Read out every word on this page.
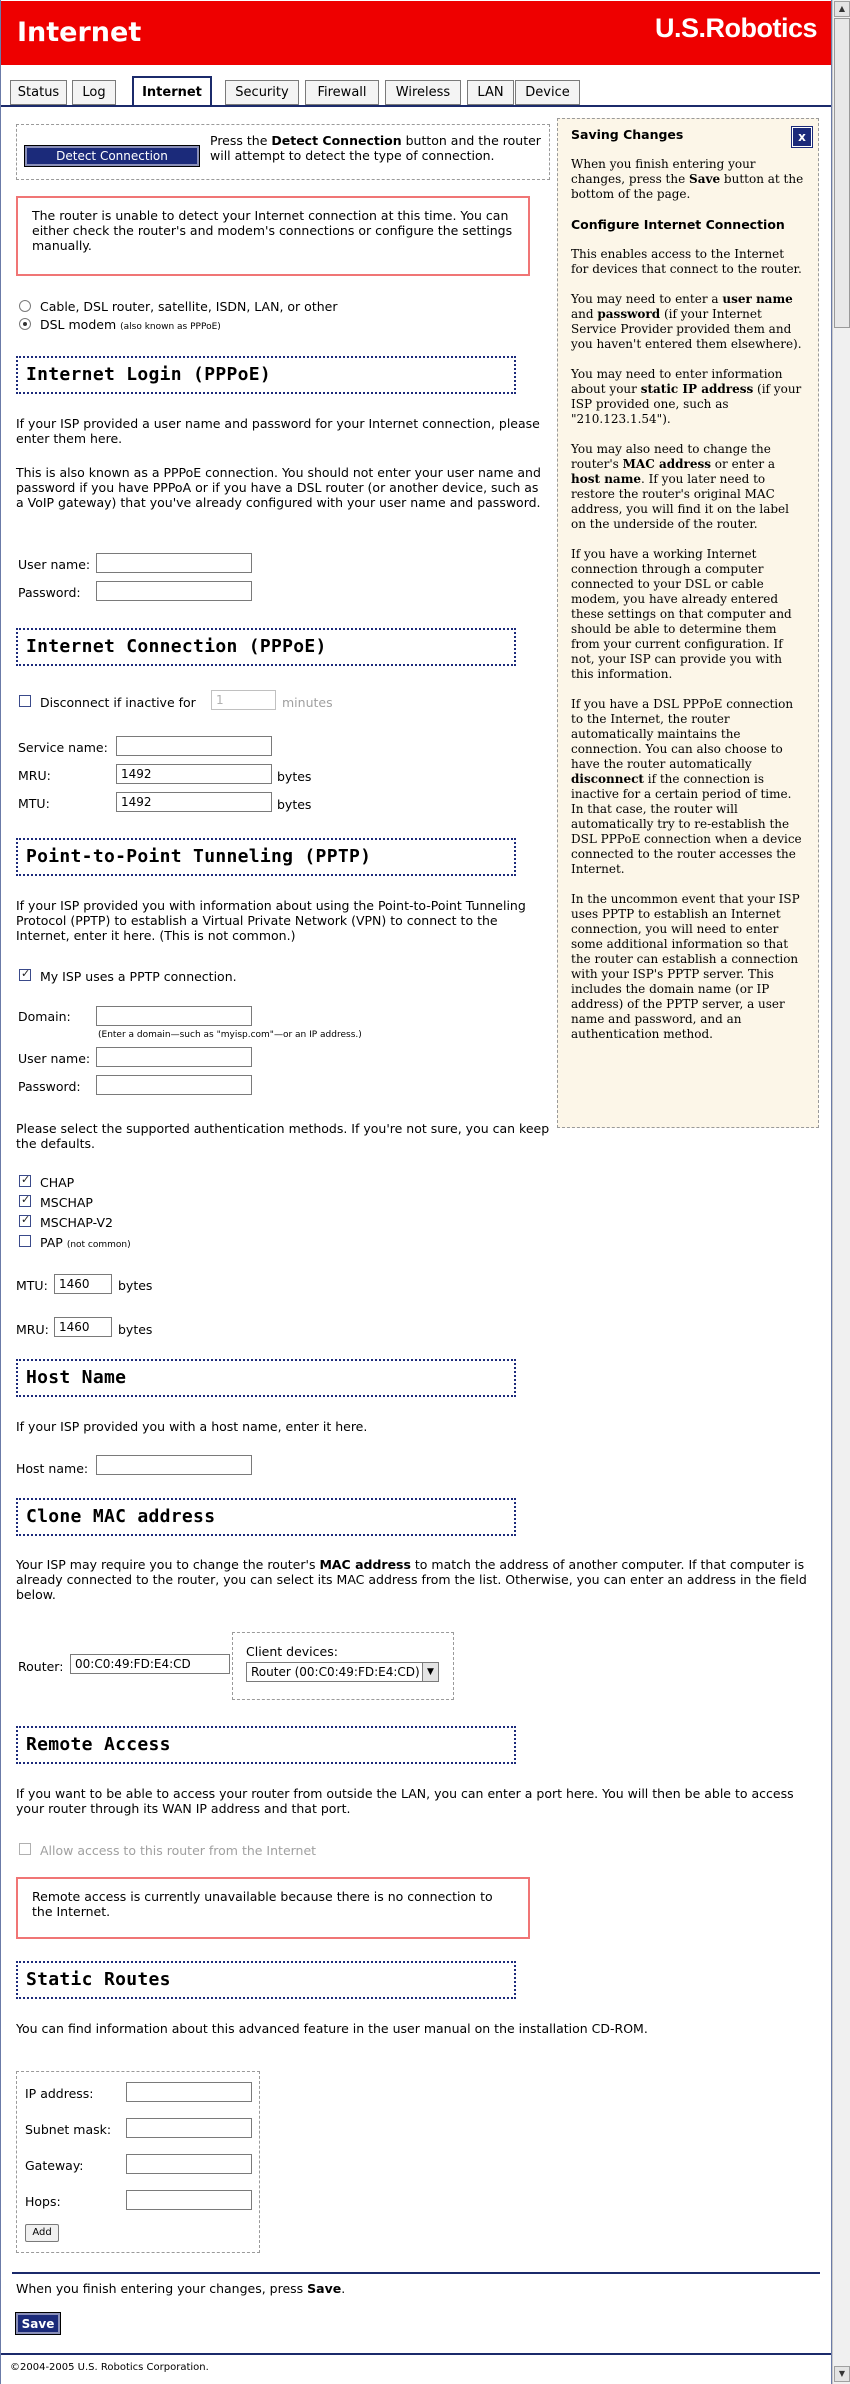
▲
▼
Internet	U.S.Robotics
Status	Log	Internet	Security	Firewall	Wireless	LAN	Device
Detect Connection
Press the Detect Connection button and the router will attempt to detect the type of connection.
The router is unable to detect your Internet connection at this time. You can either check the router's and modem's connections or configure the settings manually.
Cable, DSL router, satellite, ISDN, LAN, or other
DSL modem (also known as PPPoE)
Internet Login (PPPoE)
If your ISP provided a user name and password for your Internet connection, please enter them here.
This is also known as a PPPoE connection. You should not enter your user name and password if you have PPPoA or if you have a DSL router (or another device, such as a VoIP gateway) that you've already configured with your user name and password.
User name:
Password:
Internet Connection (PPPoE)
Disconnect if inactive for	1	minutes
Service name:
MRU:	1492	bytes
MTU:	1492	bytes
Point-to-Point Tunneling (PPTP)
If your ISP provided you with information about using the Point-to-Point Tunneling Protocol (PPTP) to establish a Virtual Private Network (VPN) to connect to the Internet, enter it here. (This is not common.)
✓
My ISP uses a PPTP connection.
Domain:
(Enter a domain—such as "myisp.com"—or an IP address.)
User name:
Password:
Please select the supported authentication methods. If you're not sure, you can keep the defaults.
✓
CHAP
✓
MSCHAP
✓
MSCHAP-V2
PAP (not common)
MTU: 1460	bytes
MRU: 1460	bytes
Host Name
If your ISP provided you with a host name, enter it here.
Host name:
Clone MAC address
Your ISP may require you to change the router's MAC address to match the address of another computer. If that computer is already connected to the router, you can select its MAC address from the list. Otherwise, you can enter an address in the field below.
Router: 00:C0:49:FD:E4:CD
Client devices:
Router (00:C0:49:FD:E4:CD) ▼
Remote Access
If you want to be able to access your router from outside the LAN, you can enter a port here. You will then be able to access your router through its WAN IP address and that port.
Allow access to this router from the Internet
Remote access is currently unavailable because there is no connection to the Internet.
Static Routes
You can find information about this advanced feature in the user manual on the installation CD-ROM.
IP address:
Subnet mask:
Gateway:
Hops:
Add
When you finish entering your changes, press Save.
Save
©2004-2005 U.S. Robotics Corporation.
x
Saving Changes

When you finish entering your changes, press the Save button at the bottom of the page.

Configure Internet Connection

This enables access to the Internet for devices that connect to the router.

You may need to enter a user name and password (if your Internet Service Provider provided them and you haven't entered them elsewhere).

You may need to enter information about your static IP address (if your ISP provided one, such as "210.123.1.54").

You may also need to change the router's MAC address or enter a host name. If you later need to restore the router's original MAC address, you will find it on the label on the underside of the router.

If you have a working Internet connection through a computer connected to your DSL or cable modem, you have already entered these settings on that computer and should be able to determine them from your current configuration. If not, your ISP can provide you with this information.

If you have a DSL PPPoE connection to the Internet, the router automatically maintains the connection. You can also choose to have the router automatically disconnect if the connection is inactive for a certain period of time. In that case, the router will automatically try to re-establish the DSL PPPoE connection when a device connected to the router accesses the Internet.

In the uncommon event that your ISP uses PPTP to establish an Internet connection, you will need to enter some additional information so that the router can establish a connection with your ISP's PPTP server. This includes the domain name (or IP address) of the PPTP server, a user name and password, and an authentication method.
